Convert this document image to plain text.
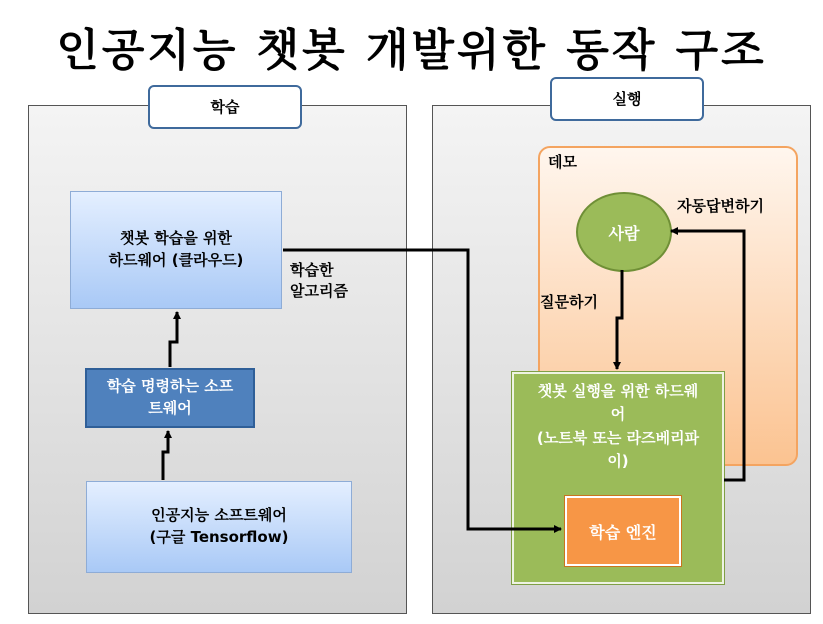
인공지능 챗봇 개발위한 동작 구조
학습
챗봇 학습을 위한
하드웨어 (클라우드)
학습 명령하는 소프
트웨어
인공지능 소프트웨어
(구글 Tensorflow)
실행
데모
사람
챗봇 실행을 위한 하드웨
어
(노트북 또는 라즈베리파
이)
학습 엔진
학습한
알고리즘
자동답변하기
질문하기
